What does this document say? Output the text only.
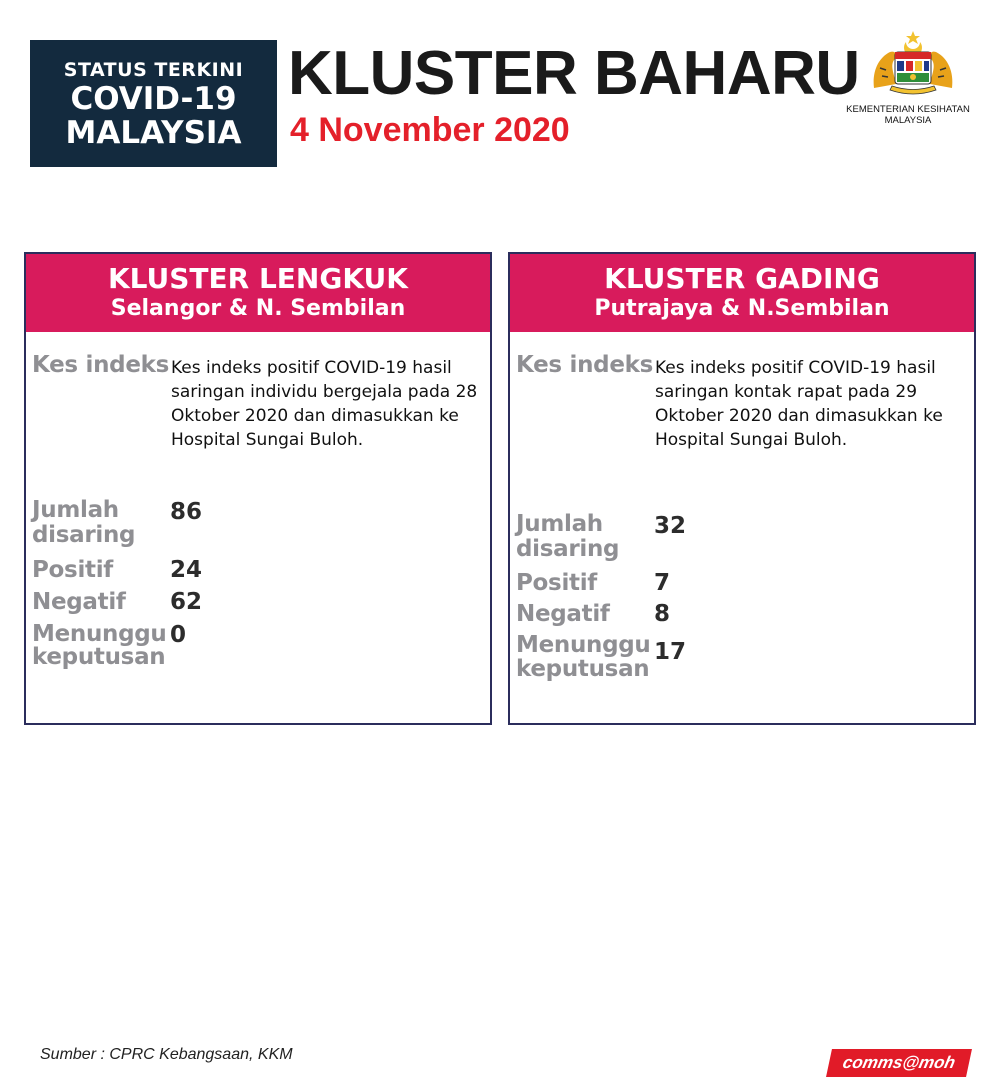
STATUS TERKINI
COVID-19
MALAYSIA
KLUSTER BAHARU
4 November 2020
KEMENTERIAN KESIHATAN
MALAYSIA
KLUSTER LENGKUK
Selangor & N. Sembilan
Kes indeks Kes indeks positif COVID-19 hasil saringan individu bergejala pada 28 Oktober 2020 dan dimasukkan ke Hospital Sungai Buloh.
Jumlah
disaring
86
Positif 24
Negatif 62
Menunggu
keputusan
0
KLUSTER GADING
Putrajaya & N.Sembilan
Kes indeks Kes indeks positif COVID-19 hasil saringan kontak rapat pada 29 Oktober 2020 dan dimasukkan ke Hospital Sungai Buloh.
Jumlah
disaring
32
Positif 7
Negatif 8
Menunggu
keputusan
17
Sumber : CPRC Kebangsaan, KKM	comms@moh
